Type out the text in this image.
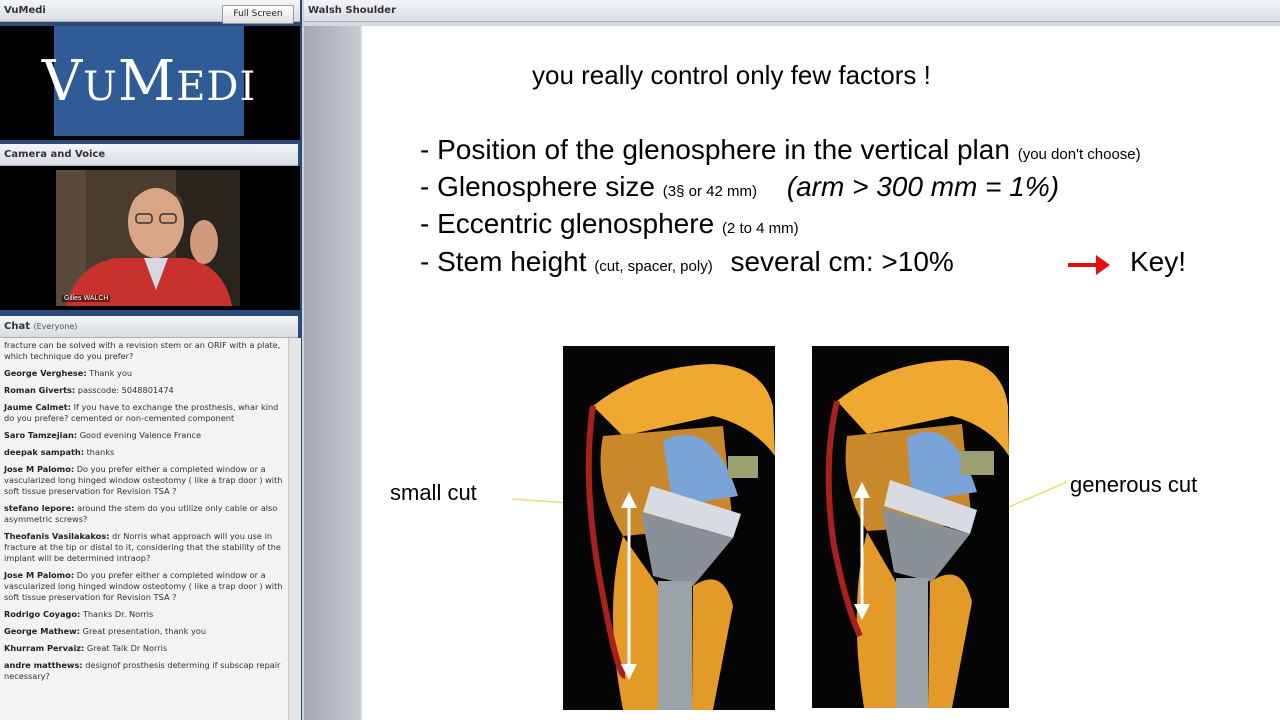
VuMedi	Full Screen
VUMEDI
Camera and Voice
Gilles WALCH
Chat (Everyone)
fracture can be solved with a revision stem or an ORIF with a plate, which technique do you prefer?
George Verghese: Thank you
Roman Giverts: passcode: 5048801474
Jaume Calmet: If you have to exchange the prosthesis, whar kind do you prefere? cemented or non-cemented component
Saro Tamzejian: Good evening Valence France
deepak sampath: thanks
Jose M Palomo: Do you prefer either a completed window or a vascularized long hinged window osteotomy ( like a trap door ) with soft tissue preservation for Revision TSA ?
stefano lepore: around the stem do you utilize only cable or also asymmetric screws?
Theofanis Vasilakakos: dr Norris what approach will you use in fracture at the tip or distal to it, considering that the stability of the implant will be determined intraop?
Jose M Palomo: Do you prefer either a completed window or a vascularized long hinged window osteotomy ( like a trap door ) with soft tissue preservation for Revision TSA ?
Rodrigo Coyago: Thanks Dr. Norris
George Mathew: Great presentation, thank you
Khurram Pervaiz: Great Talk Dr Norris
andre matthews: designof prosthesis determing if subscap repair necessary?
Walsh Shoulder
you really control only few factors !
- Position of the glenosphere in the vertical plan (you don't choose)
- Glenosphere size (3§ or 42 mm) (arm > 300 mm = 1%)
- Eccentric glenosphere (2 to 4 mm)
- Stem height (cut, spacer, poly) several cm: >10%	Key!
small cut	generous cut
